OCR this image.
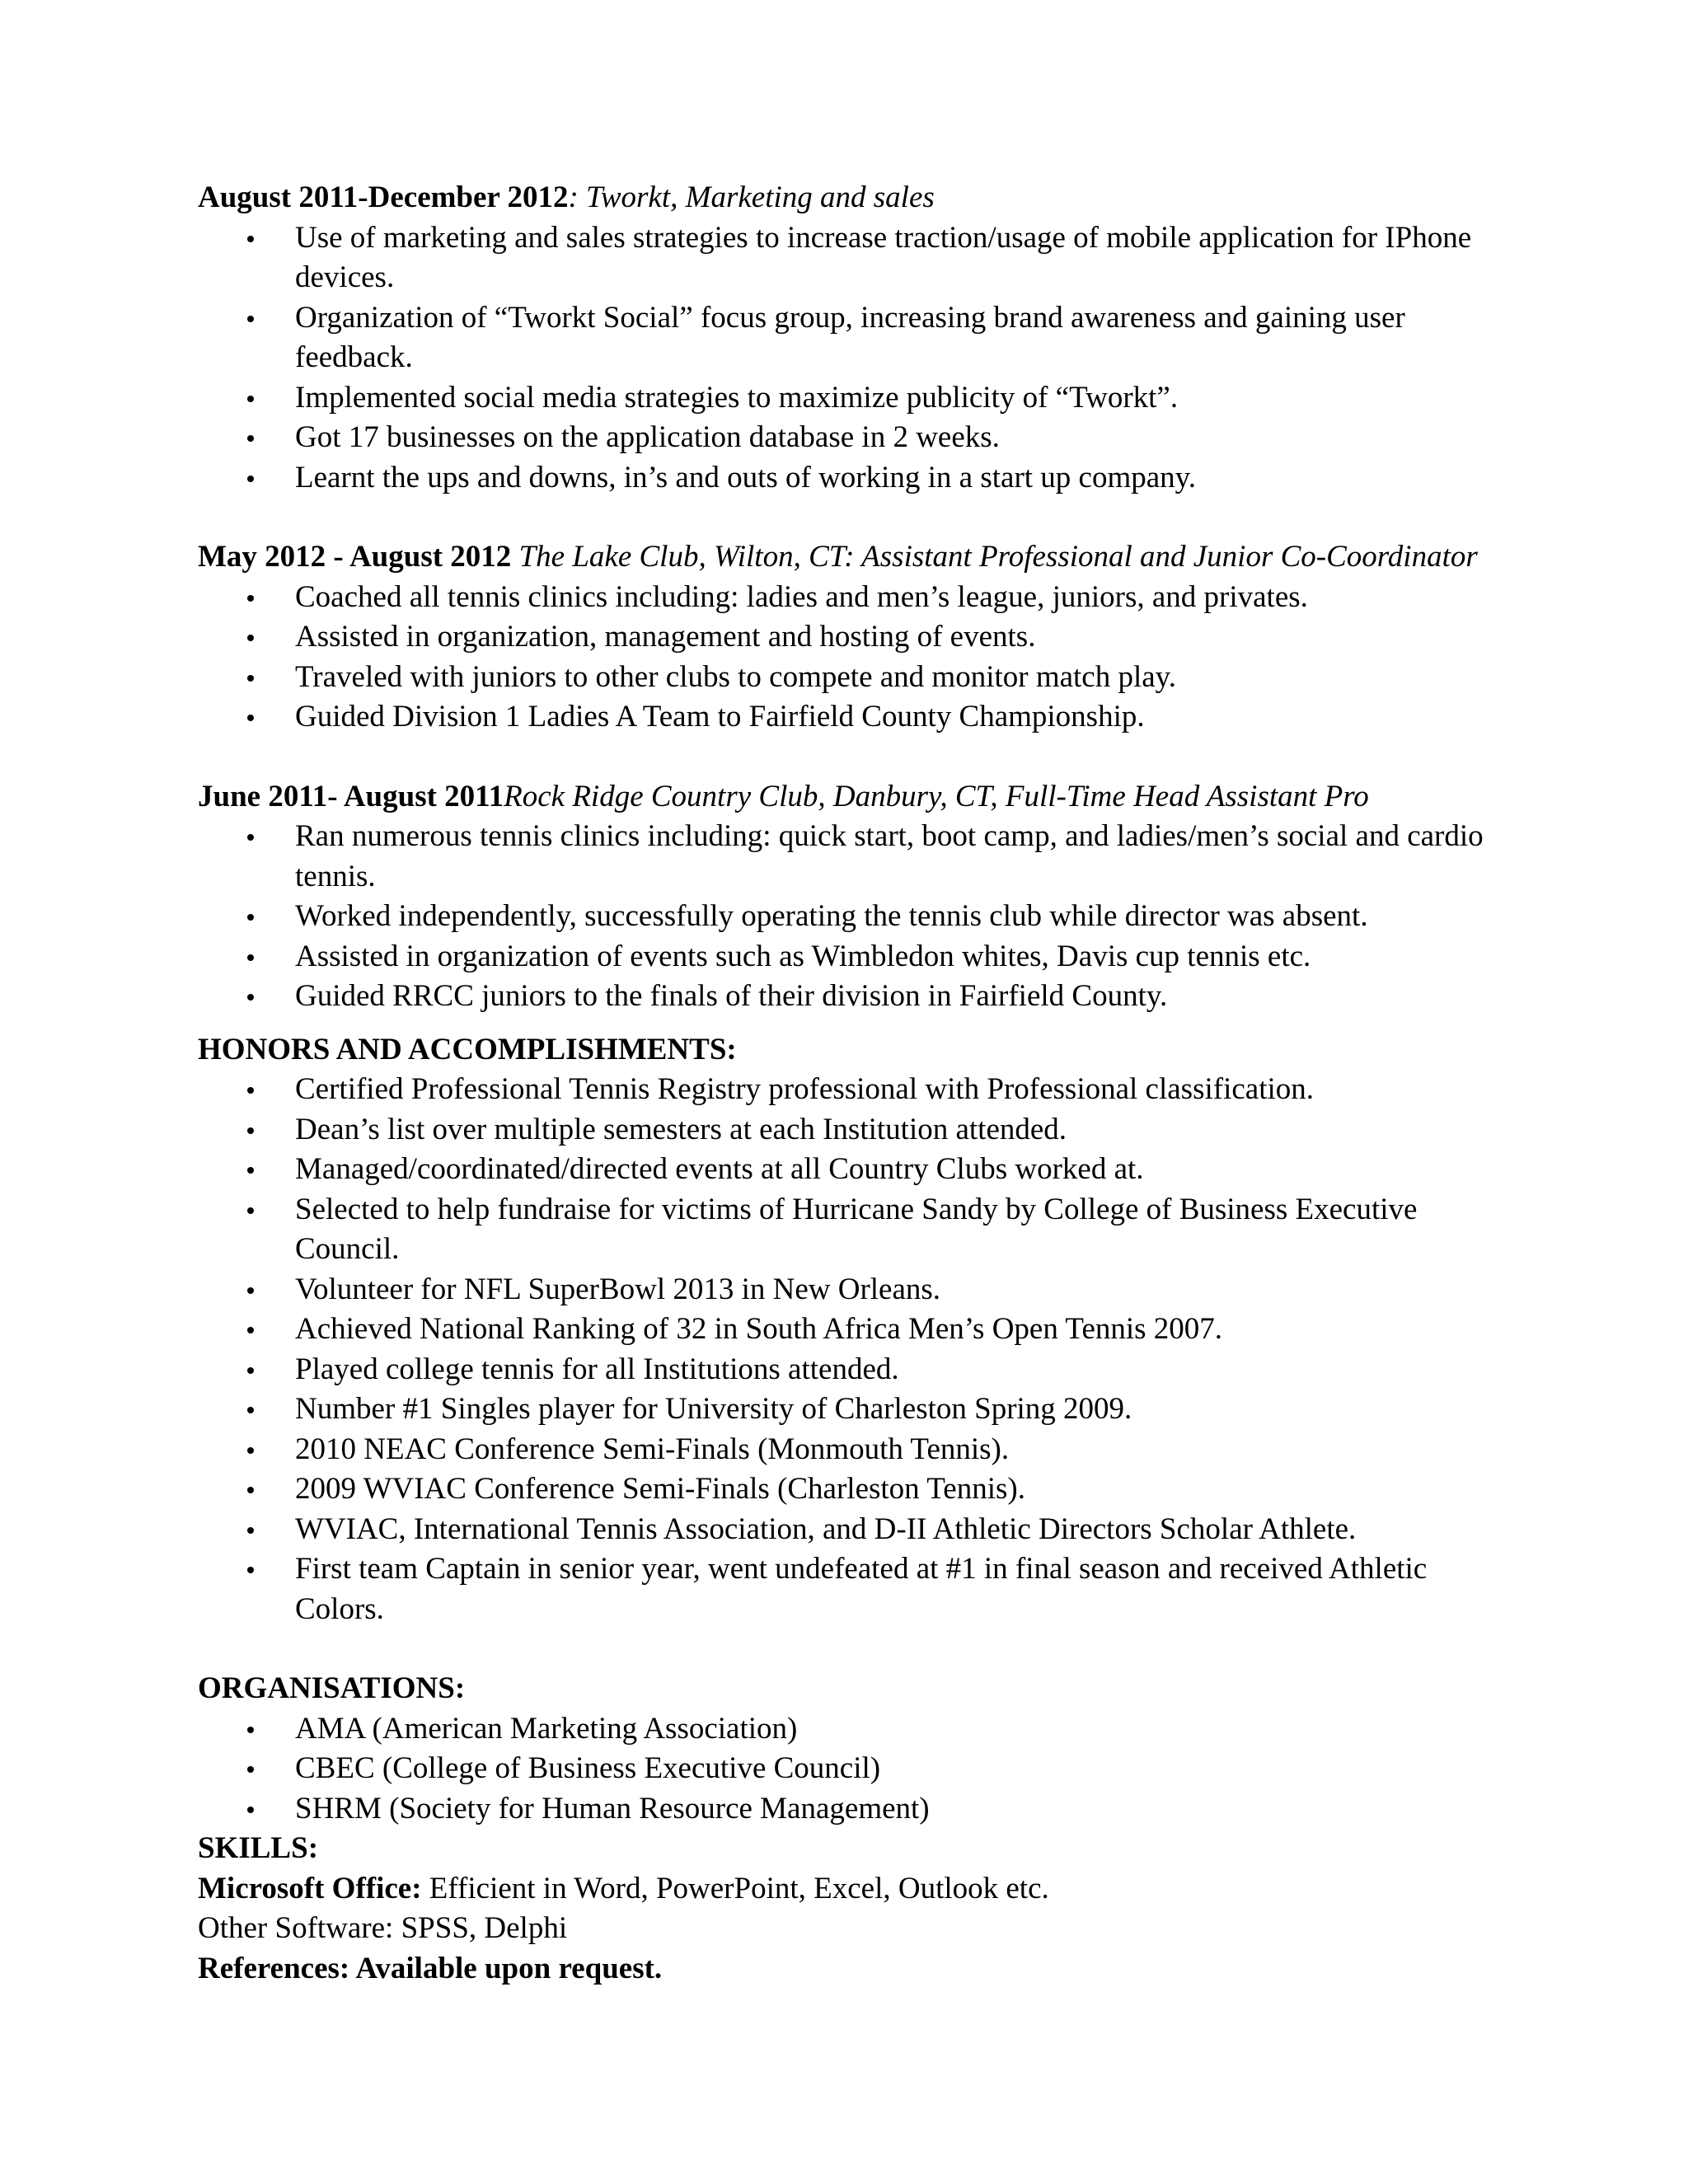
August 2011-December 2012: Tworkt, Marketing and sales

Use of marketing and sales strategies to increase traction/usage of mobile application for IPhone devices.
Organization of “Tworkt Social” focus group, increasing brand awareness and gaining user feedback.
Implemented social media strategies to maximize publicity of “Tworkt”.
Got 17 businesses on the application database in 2 weeks.
Learnt the ups and downs, in’s and outs of working in a start up company.

May 2012 - August 2012 The Lake Club, Wilton, CT: Assistant Professional and Junior Co-Coordinator

Coached all tennis clinics including: ladies and men’s league, juniors, and privates.
Assisted in organization, management and hosting of events.
Traveled with juniors to other clubs to compete and monitor match play.
Guided Division 1 Ladies A Team to Fairfield County Championship.

June 2011- August 2011Rock Ridge Country Club, Danbury, CT, Full-Time Head Assistant Pro

Ran numerous tennis clinics including: quick start, boot camp, and ladies/men’s social and cardio tennis.
Worked independently, successfully operating the tennis club while director was absent.
Assisted in organization of events such as Wimbledon whites, Davis cup tennis etc.
Guided RRCC juniors to the finals of their division in Fairfield County.

HONORS AND ACCOMPLISHMENTS:

Certified Professional Tennis Registry professional with Professional classification.
Dean’s list over multiple semesters at each Institution attended.
Managed/coordinated/directed events at all Country Clubs worked at.
Selected to help fundraise for victims of Hurricane Sandy by College of Business Executive Council.
Volunteer for NFL SuperBowl 2013 in New Orleans.
Achieved National Ranking of 32 in South Africa Men’s Open Tennis 2007.
Played college tennis for all Institutions attended.
Number #1 Singles player for University of Charleston Spring 2009.
2010 NEAC Conference Semi-Finals (Monmouth Tennis).
2009 WVIAC Conference Semi-Finals (Charleston Tennis).
WVIAC, International Tennis Association, and D-II Athletic Directors Scholar Athlete.
First team Captain in senior year, went undefeated at #1 in final season and received Athletic Colors.

ORGANISATIONS:

AMA (American Marketing Association)
CBEC (College of Business Executive Council)
SHRM (Society for Human Resource Management)

SKILLS:

Microsoft Office: Efficient in Word, PowerPoint, Excel, Outlook etc.

Other Software: SPSS, Delphi

References: Available upon request.
